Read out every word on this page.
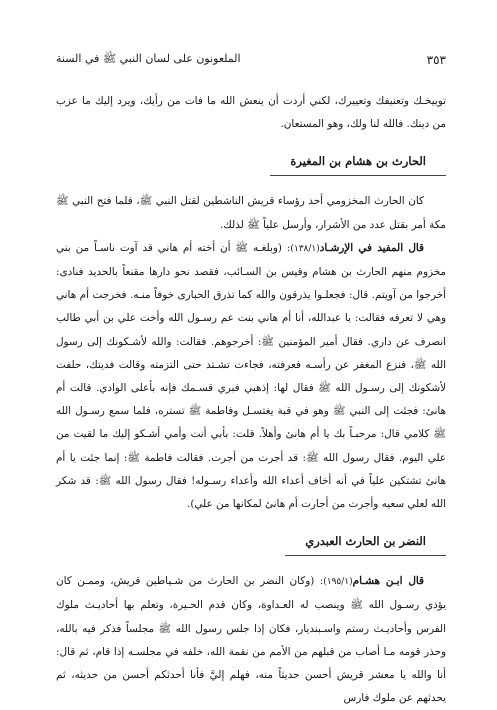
٣٥٣
الملعونون على لسان النبي ﷺ في السنة

توبيخـك وتعنيفك وتعييرك، لكني أردت أن ينعش الله ما فات من رأيك، ويرد إليك ما عزب من دينك. فالله لنا ولك، وهو المستعان.

الحارث بن هشام بن المغيرة

كان الحارث المخزومي أحد رؤساء قريش الناشطين لقتل النبي ﷺ، فلما فتح النبي ﷺ مكة أمر بقتل عدد من الأشرار، وأرسل علياً ﷺ لذلك.

قال المفيد في الإرشـاد(١٣٨/١): (وبلغـه ﷺ أن أخته أم هاني قد آوت ناسـاً من بني مخزوم منهم الحارث بن هشام وقيس بن السـائب، فقصد نحو دارها مقنعاً بالحديد فنادى: أخرجوا من آويتم. قال: فجعلـوا يذرقون والله كما تذرق الحبارى خوفاً منـه. فخرجت أم هاني وهي لا تعرفه فقالت: يا عبدالله، أنا أم هاني بنت عم رسـول الله وأخت علي بن أبي طالب انصرف عن داري. فقال أمير المؤمنين ﷺ: أخرجوهم. فقالت: والله لأشـكونك إلى رسول الله ﷺ، فنزع المغفر عن رأسـه فعرفته، فجاءت تشـتد حتى التزمته وقالت فديتك، حلفت لأشكونك إلى رسـول الله ﷺ فقال لها: إذهبي فبري قسـمك فإنه بأعلى الوادي. قالت أم هانئ: فجئت إلى النبي ﷺ وهو في قبة يغتسـل وفاطمة ﷺ تستره، فلما سمع رسـول الله ﷺ كلامي قال: مرحبـاً بك يا أم هانئ وأهلاً. قلت: بأبي أنت وأمي أشـكو إليك ما لقيت من علي اليوم. فقال رسول الله ﷺ: قد أجرت من أجرت. فقالت فاطمة ﷺ: إنما جئت يا أم هانئ تشتكين علياً في أنه أخاف أعداء الله وأعداء رسـوله! فقال رسول الله ﷺ: قد شكر الله لعلي سعيه وأجرت من أجارت أم هانئ لمكانها من علي).

النضر بن الحارث العبدري

قال ابـن هشـام(١٩٥/١): (وكان النضر بن الحارث من شـياطين قريش، وممـن كان يؤذي رسـول الله ﷺ وينصب له العـداوة، وكان قدم الحـيرة، وتعلم بها أحاديـث ملوك الفرس وأحاديـث رستم واسـبنديار، فكان إذا جلس رسول الله ﷺ مجلساً فذكر فيه بالله، وحذر قومه مـا أصاب من قبلهم من الأمم من نقمة الله، خلفه في مجلسـه إذا قام، ثم قال: أنا والله يا معشر قريش أحسن حديثاً منه، فهلم إليَّ فأنا أحدثكم أحسن من حديثه، ثم يحدثهم عن ملوك فارس
